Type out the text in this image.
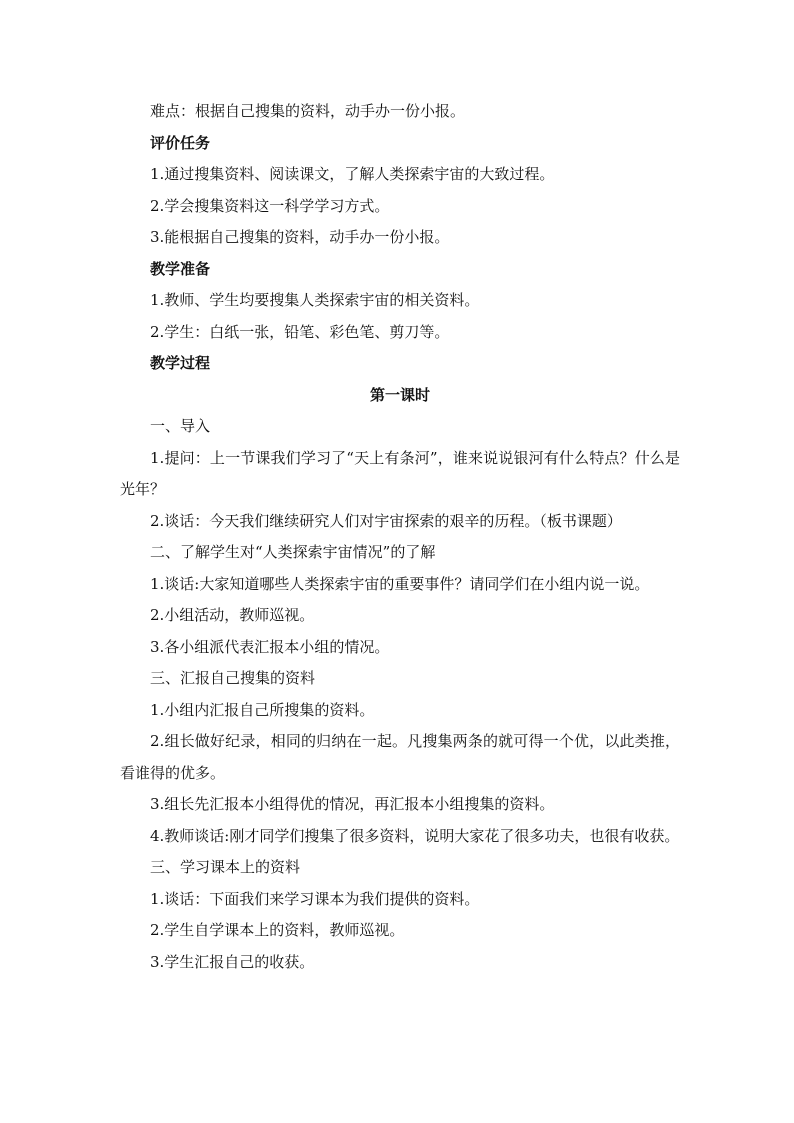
难点：根据自己搜集的资料，动手办一份小报。

评价任务

1.通过搜集资料、阅读课文，了解人类探索宇宙的大致过程。

2.学会搜集资料这一科学学习方式。

3.能根据自己搜集的资料，动手办一份小报。

教学准备

1.教师、学生均要搜集人类探索宇宙的相关资料。

2.学生：白纸一张，铅笔、彩色笔、剪刀等。

教学过程

第一课时

一、导入

1.提问：上一节课我们学习了“天上有条河”，谁来说说银河有什么特点？什么是光年？

2.谈话：今天我们继续研究人们对宇宙探索的艰辛的历程。（板书课题）

二、了解学生对“人类探索宇宙情况”的了解

1.谈话:大家知道哪些人类探索宇宙的重要事件？请同学们在小组内说一说。

2.小组活动，教师巡视。

3.各小组派代表汇报本小组的情况。

三、汇报自己搜集的资料

1.小组内汇报自己所搜集的资料。

2.组长做好纪录，相同的归纳在一起。凡搜集两条的就可得一个优，以此类推，看谁得的优多。

3.组长先汇报本小组得优的情况，再汇报本小组搜集的资料。

4.教师谈话:刚才同学们搜集了很多资料，说明大家花了很多功夫，也很有收获。

三、学习课本上的资料

1.谈话：下面我们来学习课本为我们提供的资料。

2.学生自学课本上的资料，教师巡视。

3.学生汇报自己的收获。
